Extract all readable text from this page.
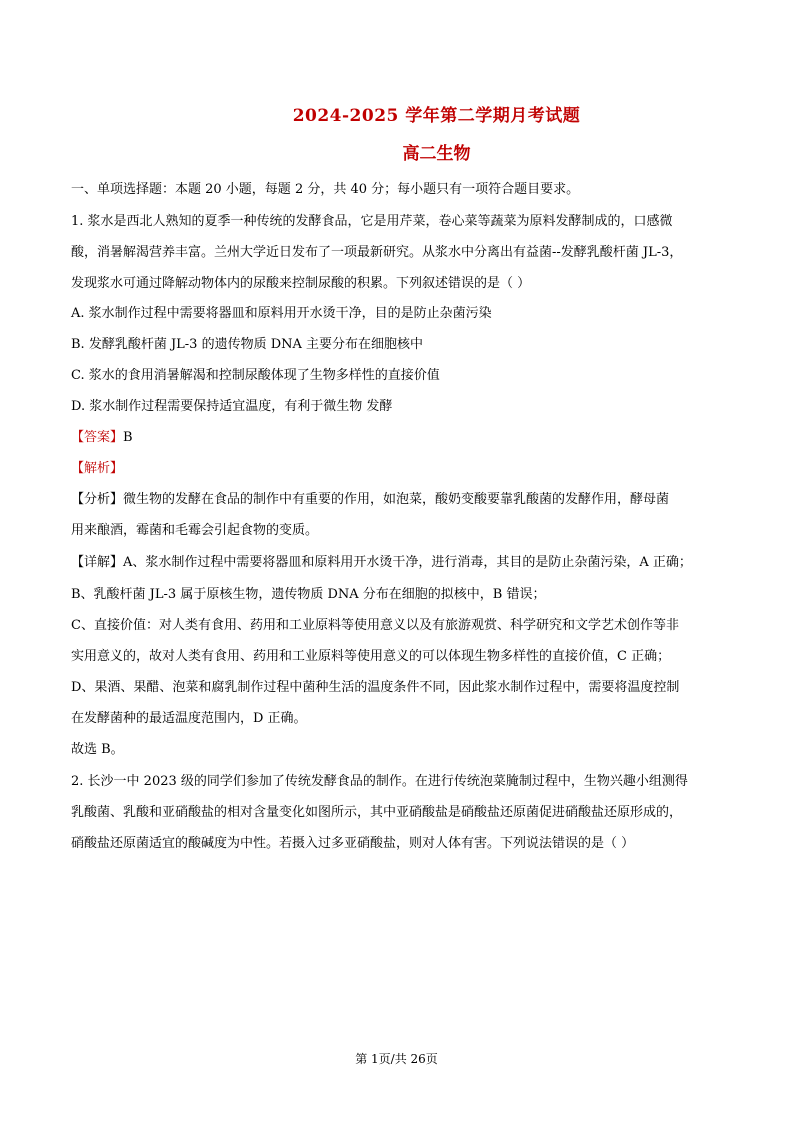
2024-2025 学年第二学期月考试题
高二生物
一、单项选择题：本题 20 小题，每题 2 分，共 40 分；每小题只有一项符合题目要求。
1. 浆水是西北人熟知的夏季一种传统的发酵食品，它是用芹菜，卷心菜等蔬菜为原料发酵制成的，口感微
酸，消暑解渴营养丰富。兰州大学近日发布了一项最新研究。从浆水中分离出有益菌--发酵乳酸杆菌 JL-3，
发现浆水可通过降解动物体内的尿酸来控制尿酸的积累。下列叙述错误的是（ ）
A. 浆水制作过程中需要将器皿和原料用开水烫干净，目的是防止杂菌污染
B. 发酵乳酸杆菌 JL-3 的遗传物质 DNA 主要分布在细胞核中
C. 浆水的食用消暑解渴和控制尿酸体现了生物多样性的直接价值
D. 浆水制作过程需要保持适宜温度，有利于微生物 发酵
【答案】B
【解析】
【分析】微生物的发酵在食品的制作中有重要的作用，如泡菜，酸奶变酸要靠乳酸菌的发酵作用，酵母菌
用来酿酒，霉菌和毛霉会引起食物的变质。
【详解】A、浆水制作过程中需要将器皿和原料用开水烫干净，进行消毒，其目的是防止杂菌污染，A 正确；
B、乳酸杆菌 JL-3 属于原核生物，遗传物质 DNA 分布在细胞的拟核中，B 错误；
C、直接价值：对人类有食用、药用和工业原料等使用意义以及有旅游观赏、科学研究和文学艺术创作等非
实用意义的，故对人类有食用、药用和工业原料等使用意义的可以体现生物多样性的直接价值，C 正确；
D、果酒、果醋、泡菜和腐乳制作过程中菌种生活的温度条件不同，因此浆水制作过程中，需要将温度控制
在发酵菌种的最适温度范围内，D 正确。
故选 B。
2. 长沙一中 2023 级的同学们参加了传统发酵食品的制作。在进行传统泡菜腌制过程中，生物兴趣小组测得
乳酸菌、乳酸和亚硝酸盐的相对含量变化如图所示，其中亚硝酸盐是硝酸盐还原菌促进硝酸盐还原形成的，
硝酸盐还原菌适宜的酸碱度为中性。若摄入过多亚硝酸盐，则对人体有害。下列说法错误的是（ ）
第 1页/共 26页
